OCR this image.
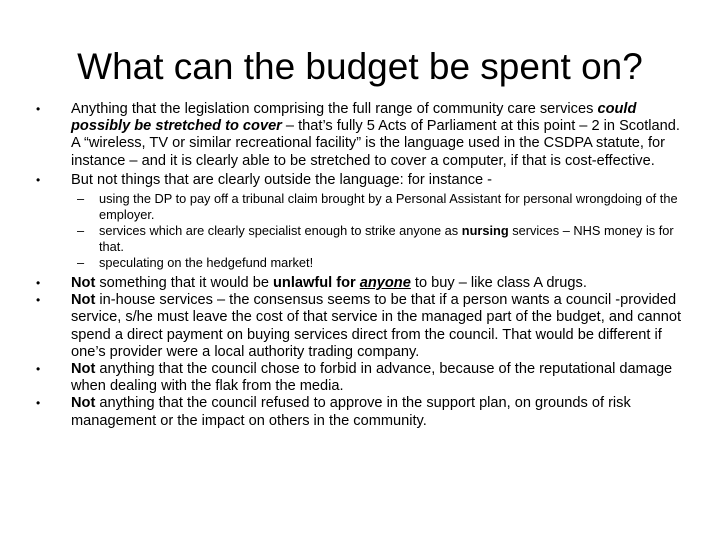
What can the budget be spent on?

•	Anything that the legislation comprising the full range of community care services could possibly be stretched to cover – that’s fully 5 Acts of Parliament at this point – 2 in Scotland. A “wireless, TV or similar recreational facility” is the language used in the CSDPA statute, for instance – and it is clearly able to be stretched to cover a computer, if that is cost-effective.

•	But not things that are clearly outside the language: for instance -

– using the DP to pay off a tribunal claim brought by a Personal Assistant for personal wrongdoing of the employer.

– services which are clearly specialist enough to strike anyone as nursing services – NHS money is for that.

– speculating on the hedgefund market!

•	Not something that it would be unlawful for anyone to buy – like class A drugs.

•	Not in-house services – the consensus seems to be that if a person wants a council -provided service, s/he must leave the cost of that service in the managed part of the budget, and cannot spend a direct payment on buying services direct from the council. That would be different if one’s provider were a local authority trading company.

•	Not anything that the council chose to forbid in advance, because of the reputational damage when dealing with the flak from the media.

•	Not anything that the council refused to approve in the support plan, on grounds of risk management or the impact on others in the community.
